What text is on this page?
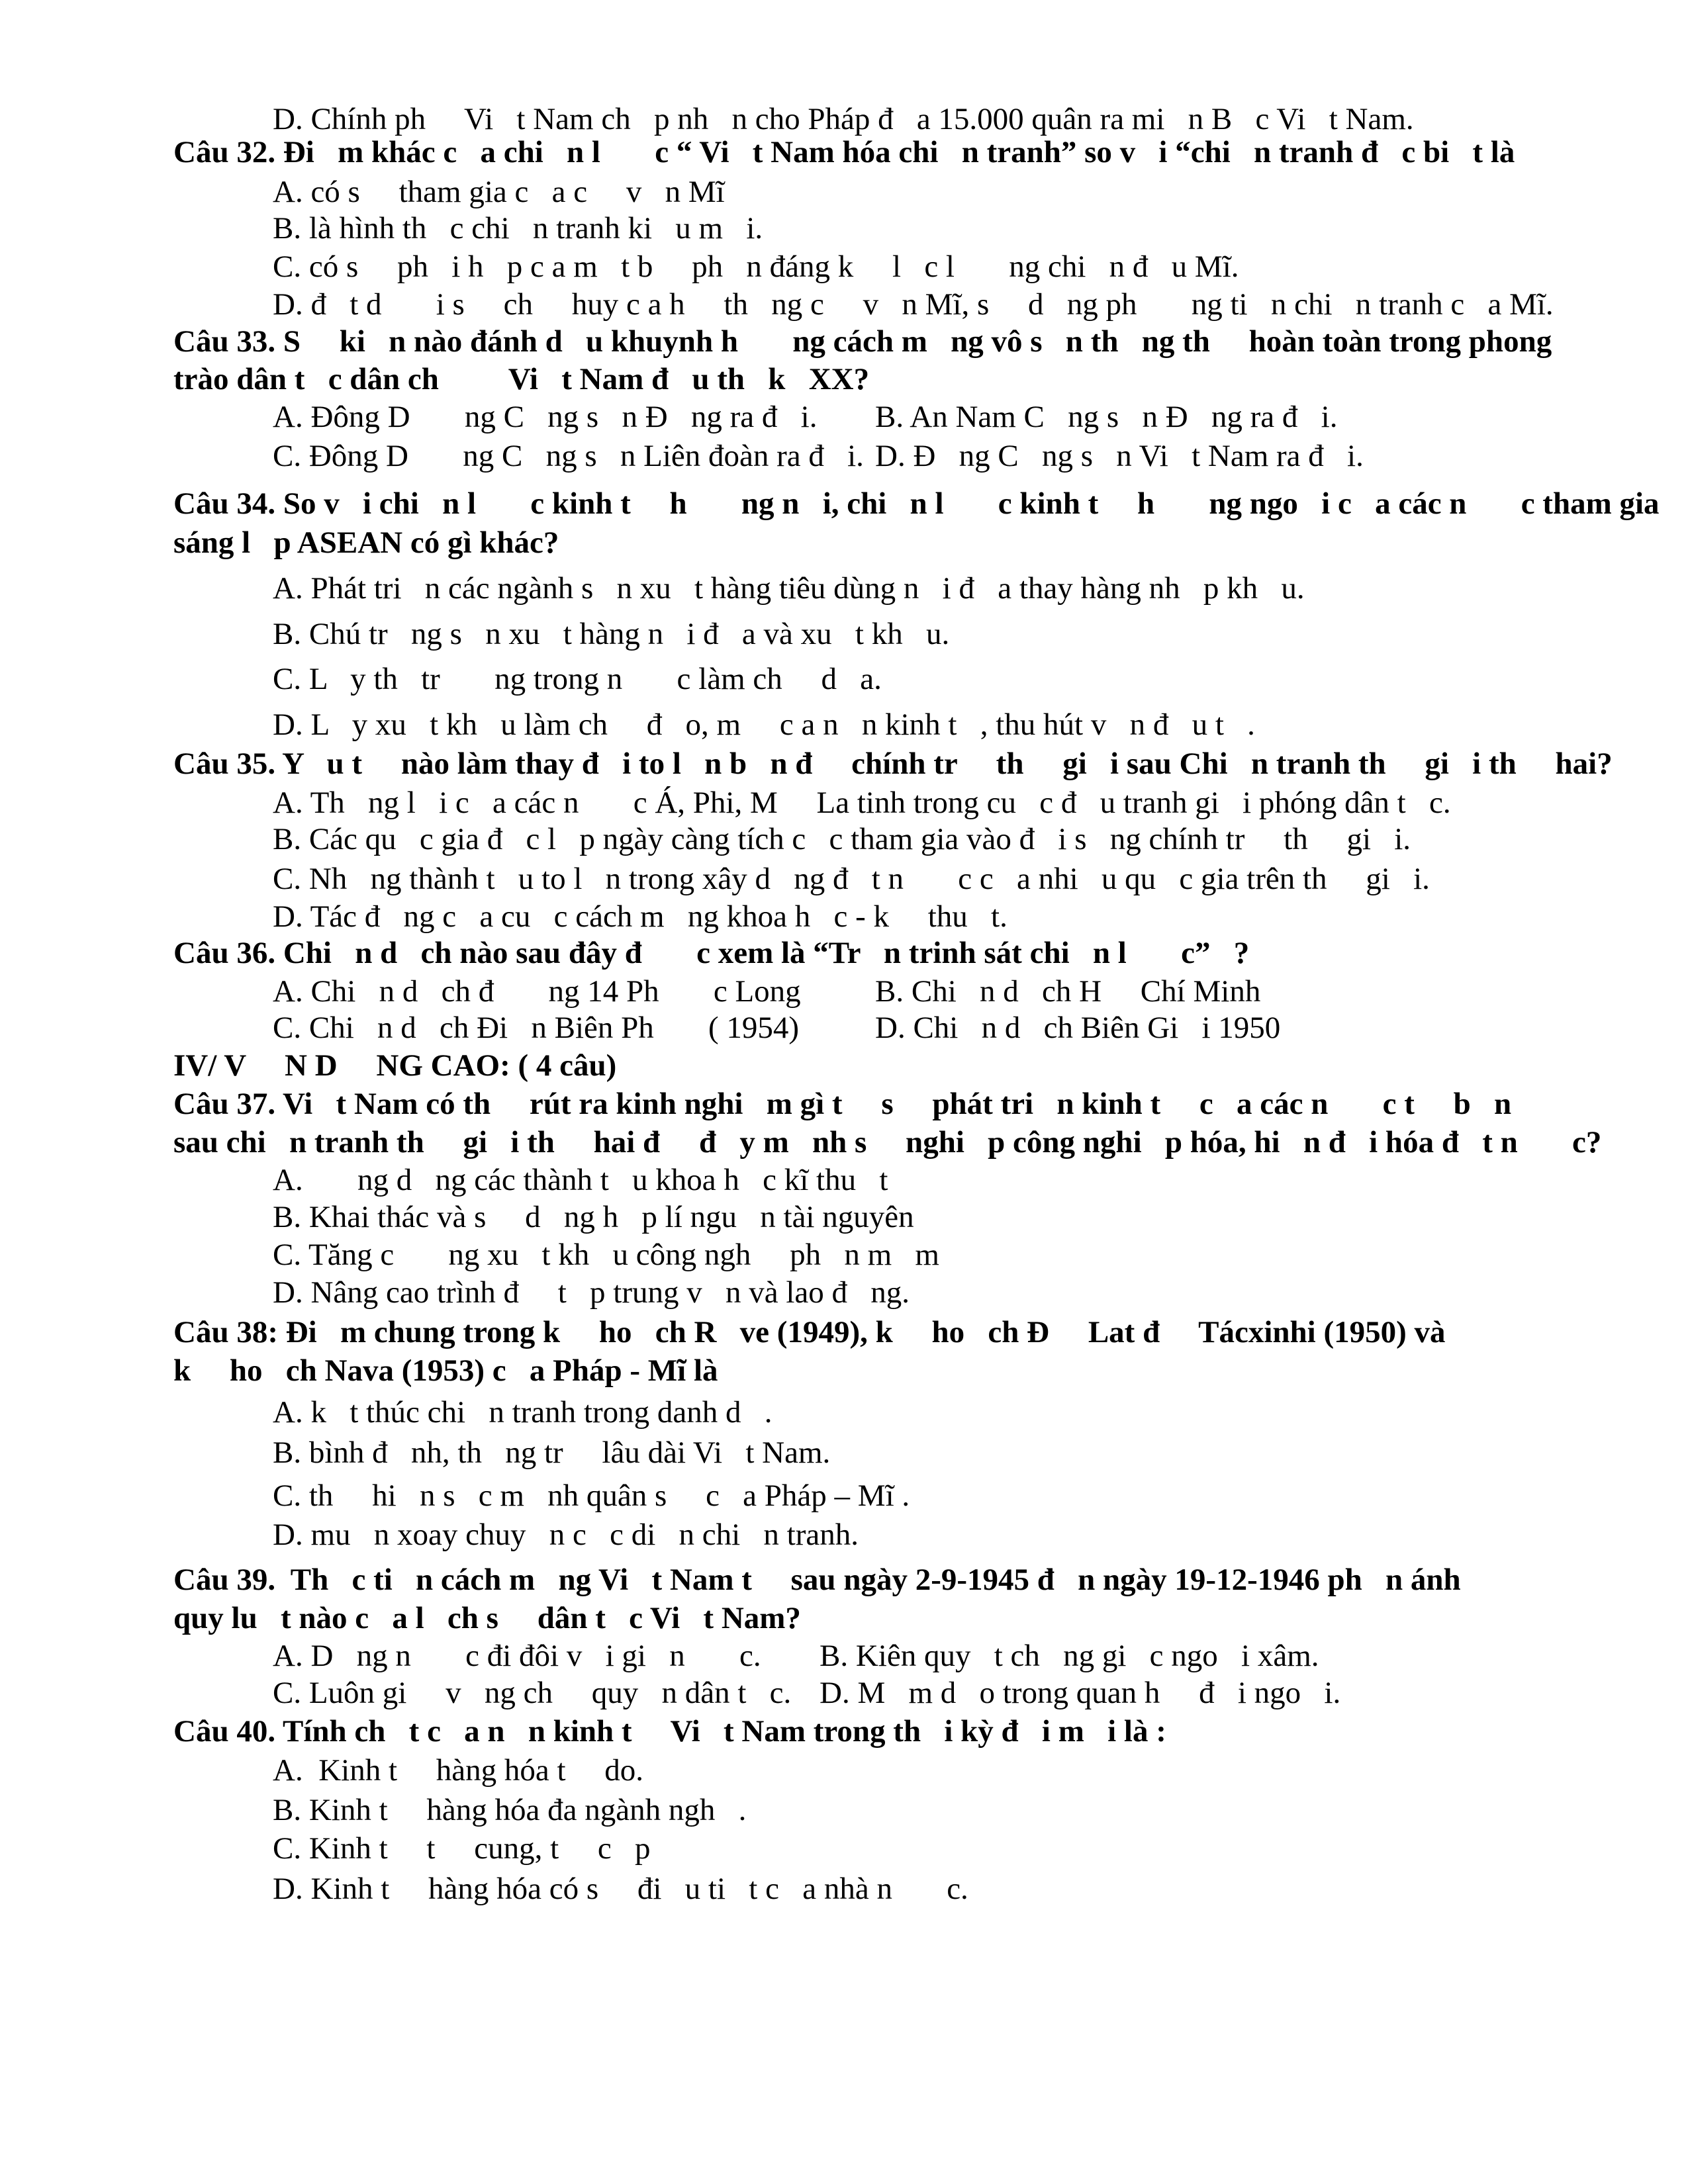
D. Chính ph     Vi   t Nam ch   p nh   n cho Pháp đ   a 15.000 quân ra mi   n B   c Vi   t Nam.
Câu 32. Đi   m khác c   a chi   n l       c “ Vi   t Nam hóa chi   n tranh” so v   i “chi   n tranh đ   c bi   t là
A. có s     tham gia c   a c     v   n Mĩ
B. là hình th   c chi   n tranh ki   u m   i.
C. có s     ph   i h   p c a m   t b     ph   n đáng k     l   c l       ng chi   n đ   u Mĩ.
D. đ   t d       i s     ch     huy c a h     th   ng c     v   n Mĩ, s     d   ng ph       ng ti   n chi   n tranh c   a Mĩ.
Câu 33. S     ki   n nào đánh d   u khuynh h       ng cách m   ng vô s   n th   ng th     hoàn toàn trong phong
trào dân t   c dân ch         Vi   t Nam đ   u th   k   XX?
A. Đông D       ng C   ng s   n Đ   ng ra đ   i. B. An Nam C   ng s   n Đ   ng ra đ   i.
C. Đông D       ng C   ng s   n Liên đoàn ra đ   i. D. Đ   ng C   ng s   n Vi   t Nam ra đ   i.
Câu 34. So v   i chi   n l       c kinh t     h       ng n   i, chi   n l       c kinh t     h       ng ngo   i c   a các n       c tham gia
sáng l   p ASEAN có gì khác?
A. Phát tri   n các ngành s   n xu   t hàng tiêu dùng n   i đ   a thay hàng nh   p kh   u.
B. Chú tr   ng s   n xu   t hàng n   i đ   a và xu   t kh   u.
C. L   y th   tr       ng trong n       c làm ch     d   a.
D. L   y xu   t kh   u làm ch     đ   o, m     c a n   n kinh t   , thu hút v   n đ   u t   .
Câu 35. Y   u t     nào làm thay đ   i to l   n b   n đ     chính tr     th     gi   i sau Chi   n tranh th     gi   i th     hai?
A. Th   ng l   i c   a các n       c Á, Phi, M     La tinh trong cu   c đ   u tranh gi   i phóng dân t   c.
B. Các qu   c gia đ   c l   p ngày càng tích c   c tham gia vào đ   i s   ng chính tr     th     gi   i.
C. Nh   ng thành t   u to l   n trong xây d   ng đ   t n       c c   a nhi   u qu   c gia trên th     gi   i.
D. Tác đ   ng c   a cu   c cách m   ng khoa h   c - k     thu   t.
Câu 36. Chi   n d   ch nào sau đây đ       c xem là “Tr   n trinh sát chi   n l       c”   ?
A. Chi   n d   ch đ       ng 14 Ph       c Long B. Chi   n d   ch H     Chí Minh
C. Chi   n d   ch Đi   n Biên Ph       ( 1954) D. Chi   n d   ch Biên Gi   i 1950
IV/ V     N D     NG CAO: ( 4 câu)
Câu 37. Vi   t Nam có th     rút ra kinh nghi   m gì t     s     phát tri   n kinh t     c   a các n       c t     b   n
sau chi   n tranh th     gi   i th     hai đ     đ   y m   nh s     nghi   p công nghi   p hóa, hi   n đ   i hóa đ   t n       c?
A.       ng d   ng các thành t   u khoa h   c kĩ thu   t
B. Khai thác và s     d   ng h   p lí ngu   n tài nguyên
C. Tăng c       ng xu   t kh   u công ngh     ph   n m   m
D. Nâng cao trình đ     t   p trung v   n và lao đ   ng.
Câu 38: Đi   m chung trong k     ho   ch R   ve (1949), k     ho   ch Đ     Lat đ     Tácxinhi (1950) và
k     ho   ch Nava (1953) c   a Pháp - Mĩ là
A. k   t thúc chi   n tranh trong danh d   .
B. bình đ   nh, th   ng tr     lâu dài Vi   t Nam.
C. th     hi   n s   c m   nh quân s     c   a Pháp – Mĩ .
D. mu   n xoay chuy   n c   c di   n chi   n tranh.
Câu 39.  Th   c ti   n cách m   ng Vi   t Nam t     sau ngày 2-9-1945 đ   n ngày 19-12-1946 ph   n ánh
quy lu   t nào c   a l   ch s     dân t   c Vi   t Nam?
A. D   ng n       c đi đôi v   i gi   n       c. B. Kiên quy   t ch   ng gi   c ngo   i xâm.
C. Luôn gi     v   ng ch     quy   n dân t   c. D. M   m d   o trong quan h     đ   i ngo   i.
Câu 40. Tính ch   t c   a n   n kinh t     Vi   t Nam trong th   i kỳ đ   i m   i là :
A.  Kinh t     hàng hóa t     do.
B. Kinh t     hàng hóa đa ngành ngh   .
C. Kinh t     t     cung, t     c   p
D. Kinh t     hàng hóa có s     đi   u ti   t c   a nhà n       c.
